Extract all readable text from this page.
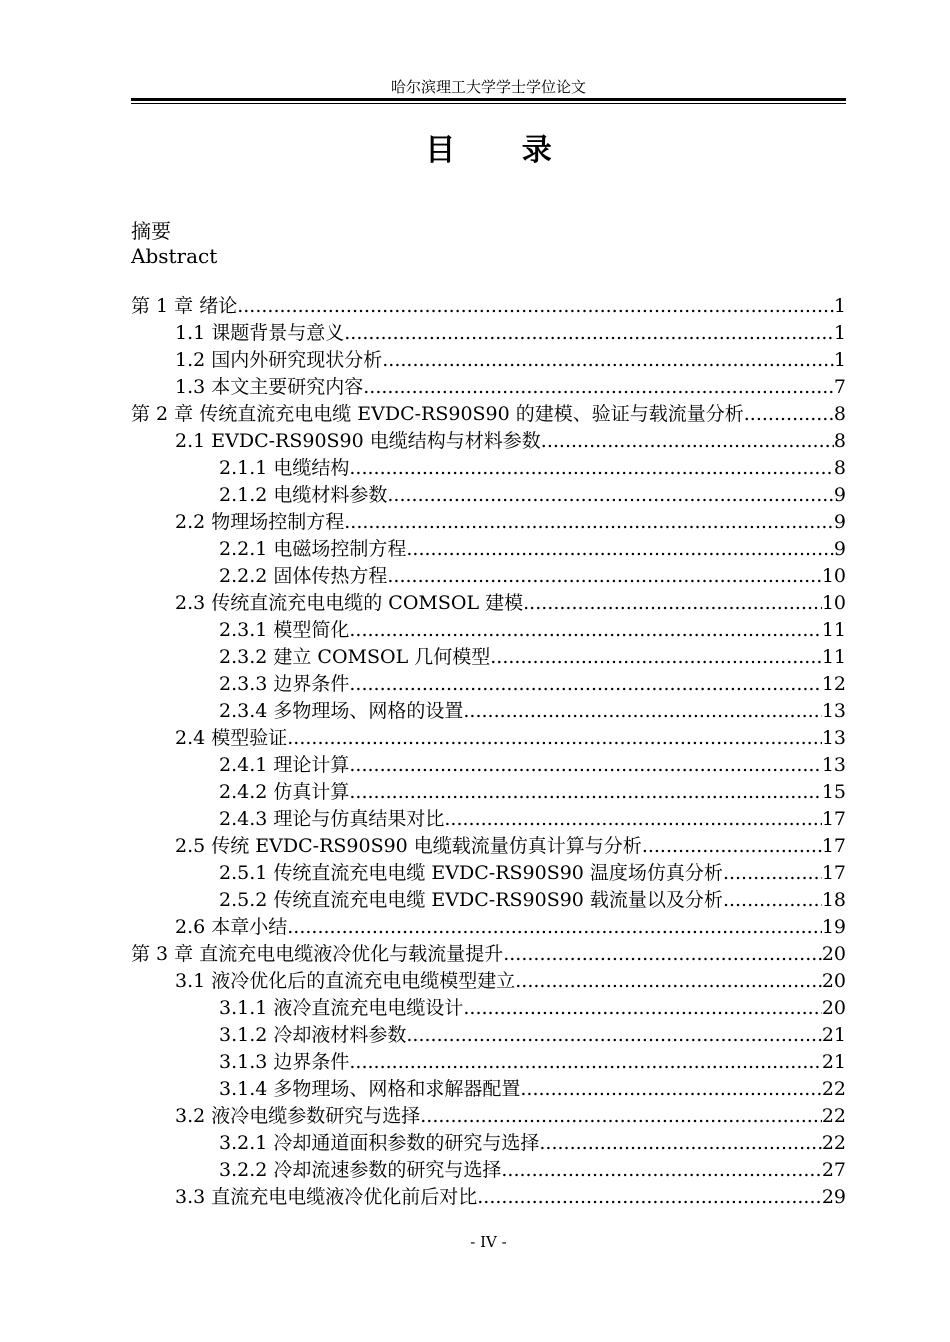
哈尔滨理工大学学士学位论文
目 录
摘要
Abstract
第 1 章 绪论 .....	1
1.1 课题背景与意义 .....	1
1.2 国内外研究现状分析 .....	1
1.3 本文主要研究内容 .....	7
第 2 章 传统直流充电电缆 EVDC-RS90S90 的建模、验证与载流量分析 .....	8
2.1 EVDC-RS90S90 电缆结构与材料参数 .....	8
2.1.1 电缆结构 .....	8
2.1.2 电缆材料参数 .....	9
2.2 物理场控制方程 .....	9
2.2.1 电磁场控制方程 .....	9
2.2.2 固体传热方程 .....	10
2.3 传统直流充电电缆的 COMSOL 建模 .....	10
2.3.1 模型简化 .....	11
2.3.2 建立 COMSOL 几何模型 .....	11
2.3.3 边界条件 .....	12
2.3.4 多物理场、网格的设置 .....	13
2.4 模型验证 .....	13
2.4.1 理论计算 .....	13
2.4.2 仿真计算 .....	15
2.4.3 理论与仿真结果对比 .....	17
2.5 传统 EVDC-RS90S90 电缆载流量仿真计算与分析 .....	17
2.5.1 传统直流充电电缆 EVDC-RS90S90 温度场仿真分析 .....	17
2.5.2 传统直流充电电缆 EVDC-RS90S90 载流量以及分析 .....	18
2.6 本章小结 .....	19
第 3 章 直流充电电缆液冷优化与载流量提升 .....	20
3.1 液冷优化后的直流充电电缆模型建立 .....	20
3.1.1 液冷直流充电电缆设计 .....	20
3.1.2 冷却液材料参数 .....	21
3.1.3 边界条件 .....	21
3.1.4 多物理场、网格和求解器配置 .....	22
3.2 液冷电缆参数研究与选择 .....	22
3.2.1 冷却通道面积参数的研究与选择 .....	22
3.2.2 冷却流速参数的研究与选择 .....	27
3.3 直流充电电缆液冷优化前后对比 .....	29
- IV -
